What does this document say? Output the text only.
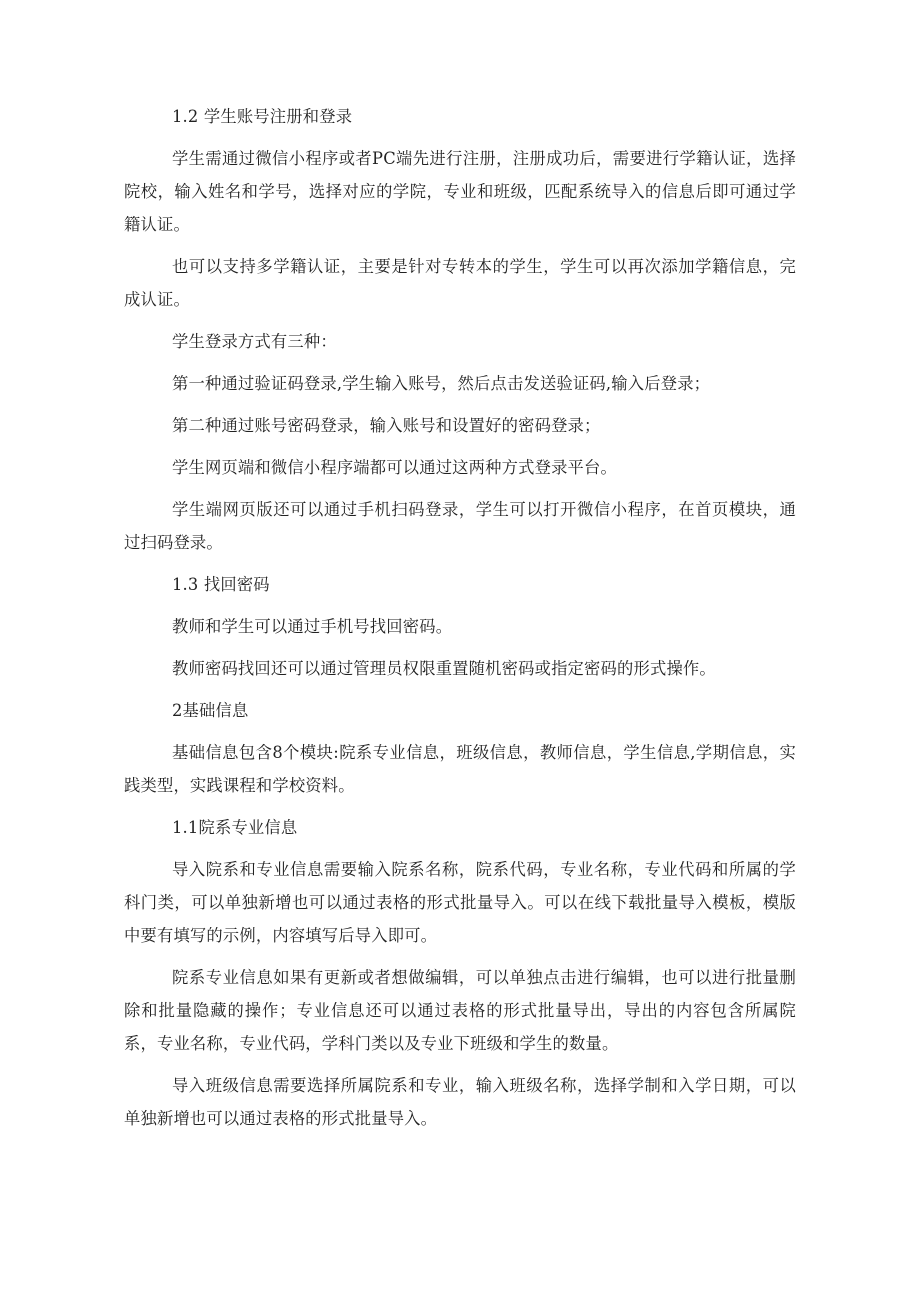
1.2 学生账号注册和登录

学生需通过微信小程序或者PC端先进行注册，注册成功后，需要进行学籍认证，选择院校，输入姓名和学号，选择对应的学院，专业和班级，匹配系统导入的信息后即可通过学籍认证。

也可以支持多学籍认证，主要是针对专转本的学生，学生可以再次添加学籍信息，完成认证。

学生登录方式有三种：

第一种通过验证码登录,学生输入账号，然后点击发送验证码,输入后登录；

第二种通过账号密码登录，输入账号和设置好的密码登录；

学生网页端和微信小程序端都可以通过这两种方式登录平台。

学生端网页版还可以通过手机扫码登录，学生可以打开微信小程序，在首页模块，通过扫码登录。

1.3 找回密码

教师和学生可以通过手机号找回密码。

教师密码找回还可以通过管理员权限重置随机密码或指定密码的形式操作。

2基础信息

基础信息包含8个模块:院系专业信息，班级信息，教师信息，学生信息,学期信息，实践类型，实践课程和学校资料。

1.1院系专业信息

导入院系和专业信息需要输入院系名称，院系代码，专业名称，专业代码和所属的学科门类，可以单独新增也可以通过表格的形式批量导入。可以在线下载批量导入模板，模版中要有填写的示例，内容填写后导入即可。

院系专业信息如果有更新或者想做编辑，可以单独点击进行编辑，也可以进行批量删除和批量隐藏的操作；专业信息还可以通过表格的形式批量导出，导出的内容包含所属院系，专业名称，专业代码，学科门类以及专业下班级和学生的数量。

导入班级信息需要选择所属院系和专业，输入班级名称，选择学制和入学日期，可以单独新增也可以通过表格的形式批量导入。
